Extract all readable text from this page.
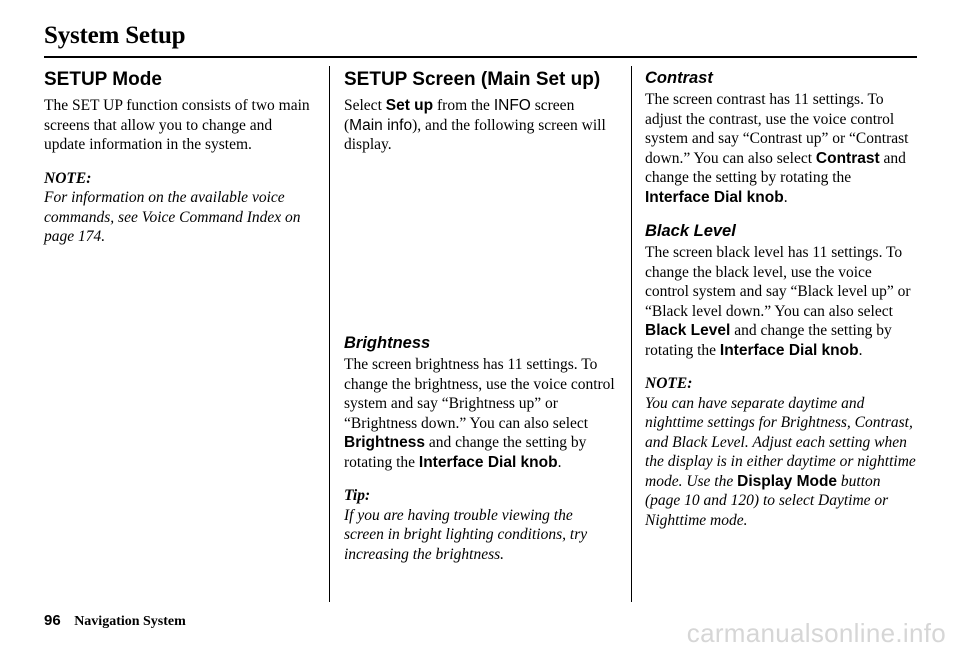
System Setup
SETUP Mode

The SET UP function consists of two main screens that allow you to change and update information in the system.

NOTE:

For information on the available voice commands, see Voice Command Index on page 174.

SETUP Screen (Main Set up)

Select Set up from the INFO screen (Main info), and the following screen will display.

Brightness

The screen brightness has 11 settings. To change the brightness, use the voice control system and say “Brightness up” or “Brightness down.” You can also select Brightness and change the setting by rotating the Interface Dial knob.

Tip:

If you are having trouble viewing the screen in bright lighting conditions, try increasing the brightness.

Contrast

The screen contrast has 11 settings. To adjust the contrast, use the voice control system and say “Contrast up” or “Contrast down.” You can also select Contrast and change the setting by rotating the Interface Dial knob.

Black Level

The screen black level has 11 settings. To change the black level, use the voice control system and say “Black level up” or “Black level down.” You can also select Black Level and change the setting by rotating the Interface Dial knob.

NOTE:

You can have separate daytime and nighttime settings for Brightness, Contrast, and Black Level. Adjust each setting when the display is in either daytime or nighttime mode. Use the Display Mode button (page 10 and 120) to select Daytime or Nighttime mode.

96 Navigation System	carmanualsonline.info
